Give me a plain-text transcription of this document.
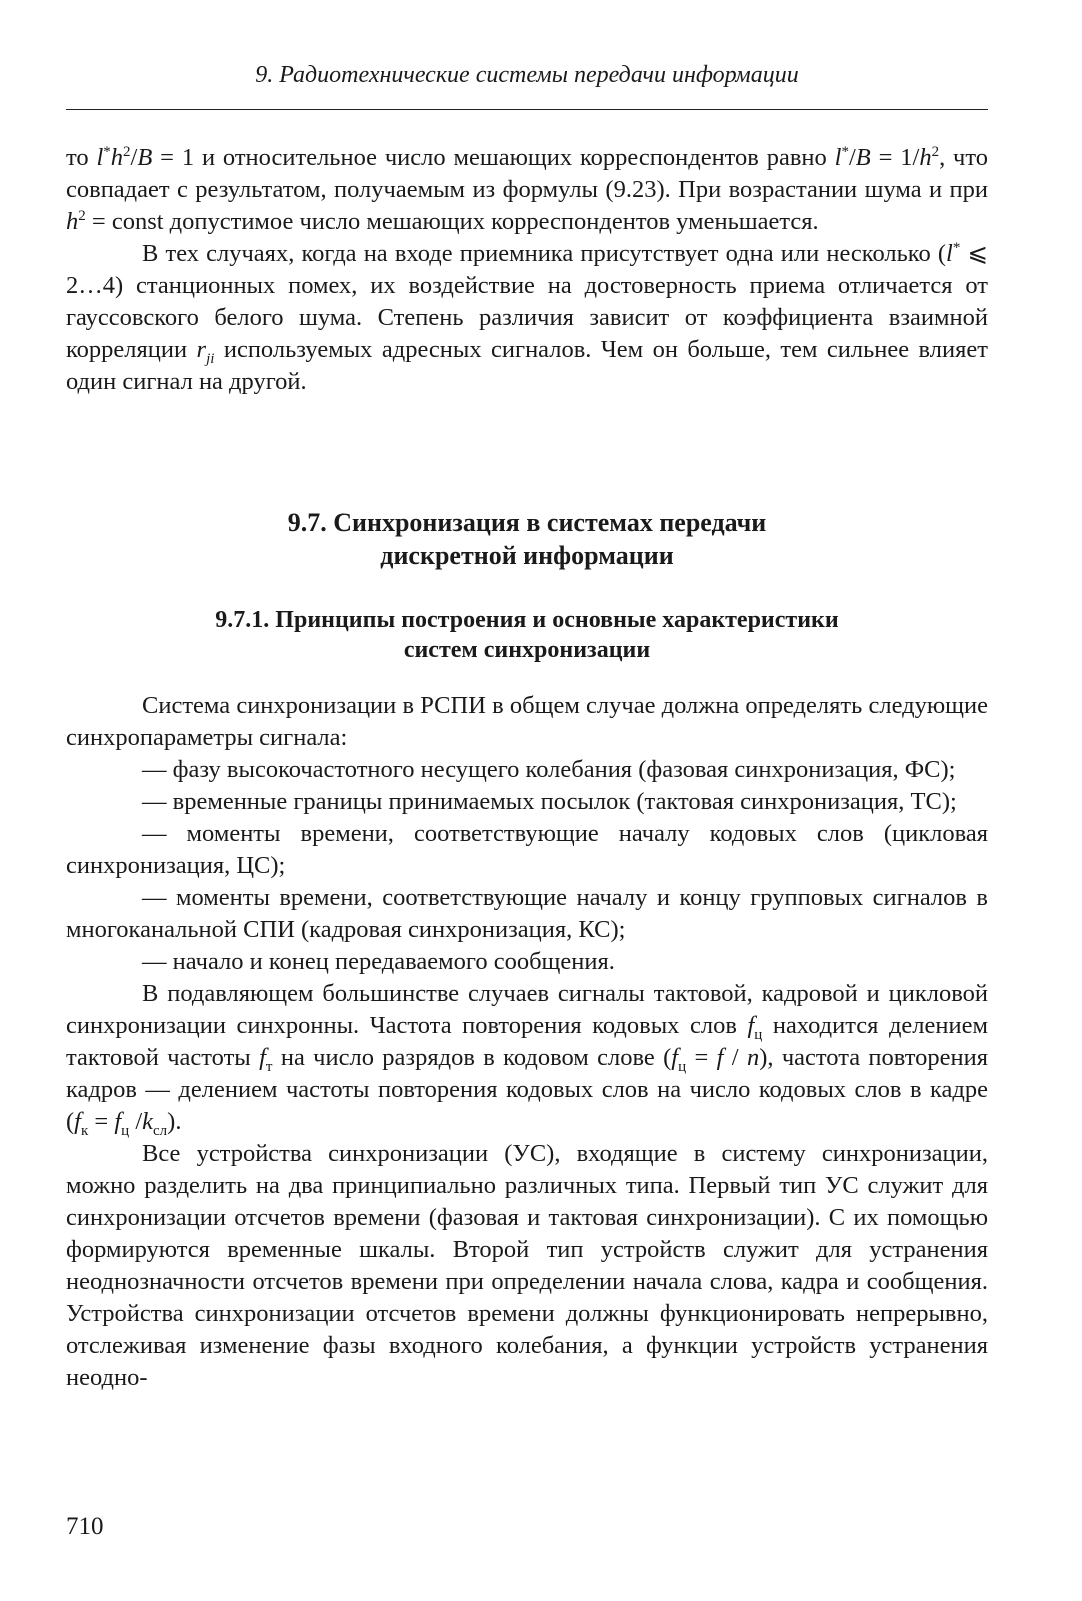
9. Радиотехнические системы передачи информации

то $l^*h^2/B = 1$ и относительное число мешающих корреспондентов равно $l^*/B = 1/h^2$, что совпадает с результатом, получаемым из формулы (9.23). При возрастании шума и при $h^2$ = const допустимое число мешающих корреспондентов уменьшается.

В тех случаях, когда на входе приемника присутствует одна или несколько (l* ⩽ 2…4) станционных помех, их воздействие на достоверность приема отличается от гауссовского белого шума. Степень различия зависит от коэффициента взаимной корреляции $r_{ji}$ используемых адресных сигналов. Чем он больше, тем сильнее влияет один сигнал на другой.

9.7. Синхронизация в системах передачи
дискретной информации
9.7.1. Принципы построения и основные характеристики
систем синхронизации

Система синхронизации в РСПИ в общем случае должна определять следующие синхропараметры сигнала:

— фазу высокочастотного несущего колебания (фазовая синхронизация, ФС);

— временные границы принимаемых посылок (тактовая синхронизация, ТС);

— моменты времени, соответствующие началу кодовых слов (цикловая синхронизация, ЦС);

— моменты времени, соответствующие началу и концу групповых сигналов в многоканальной СПИ (кадровая синхронизация, КС);

— начало и конец передаваемого сообщения.

В подавляющем большинстве случаев сигналы тактовой, кадровой и цикловой синхронизации синхронны. Частота повторения кодовых слов $f_ц$ находится делением тактовой частоты $f_т$ на число разрядов в кодовом слове $(f_ц = f / n)$, частота повторения кадров — делением частоты повторения кодовых слов на число кодовых слов в кадре ($f_к = f_ц$ $/k_{сл}$).

Все устройства синхронизации (УС), входящие в систему синхронизации, можно разделить на два принципиально различных типа. Первый тип УС служит для синхронизации отсчетов времени (фазовая и тактовая синхронизации). С их помощью формируются временные шкалы. Второй тип устройств служит для устранения неоднозначности отсчетов времени при определении начала слова, кадра и сообщения. Устройства синхронизации отсчетов времени должны функционировать непрерывно, отслеживая изменение фазы входного колебания, а функции устройств устранения неодно-

710
